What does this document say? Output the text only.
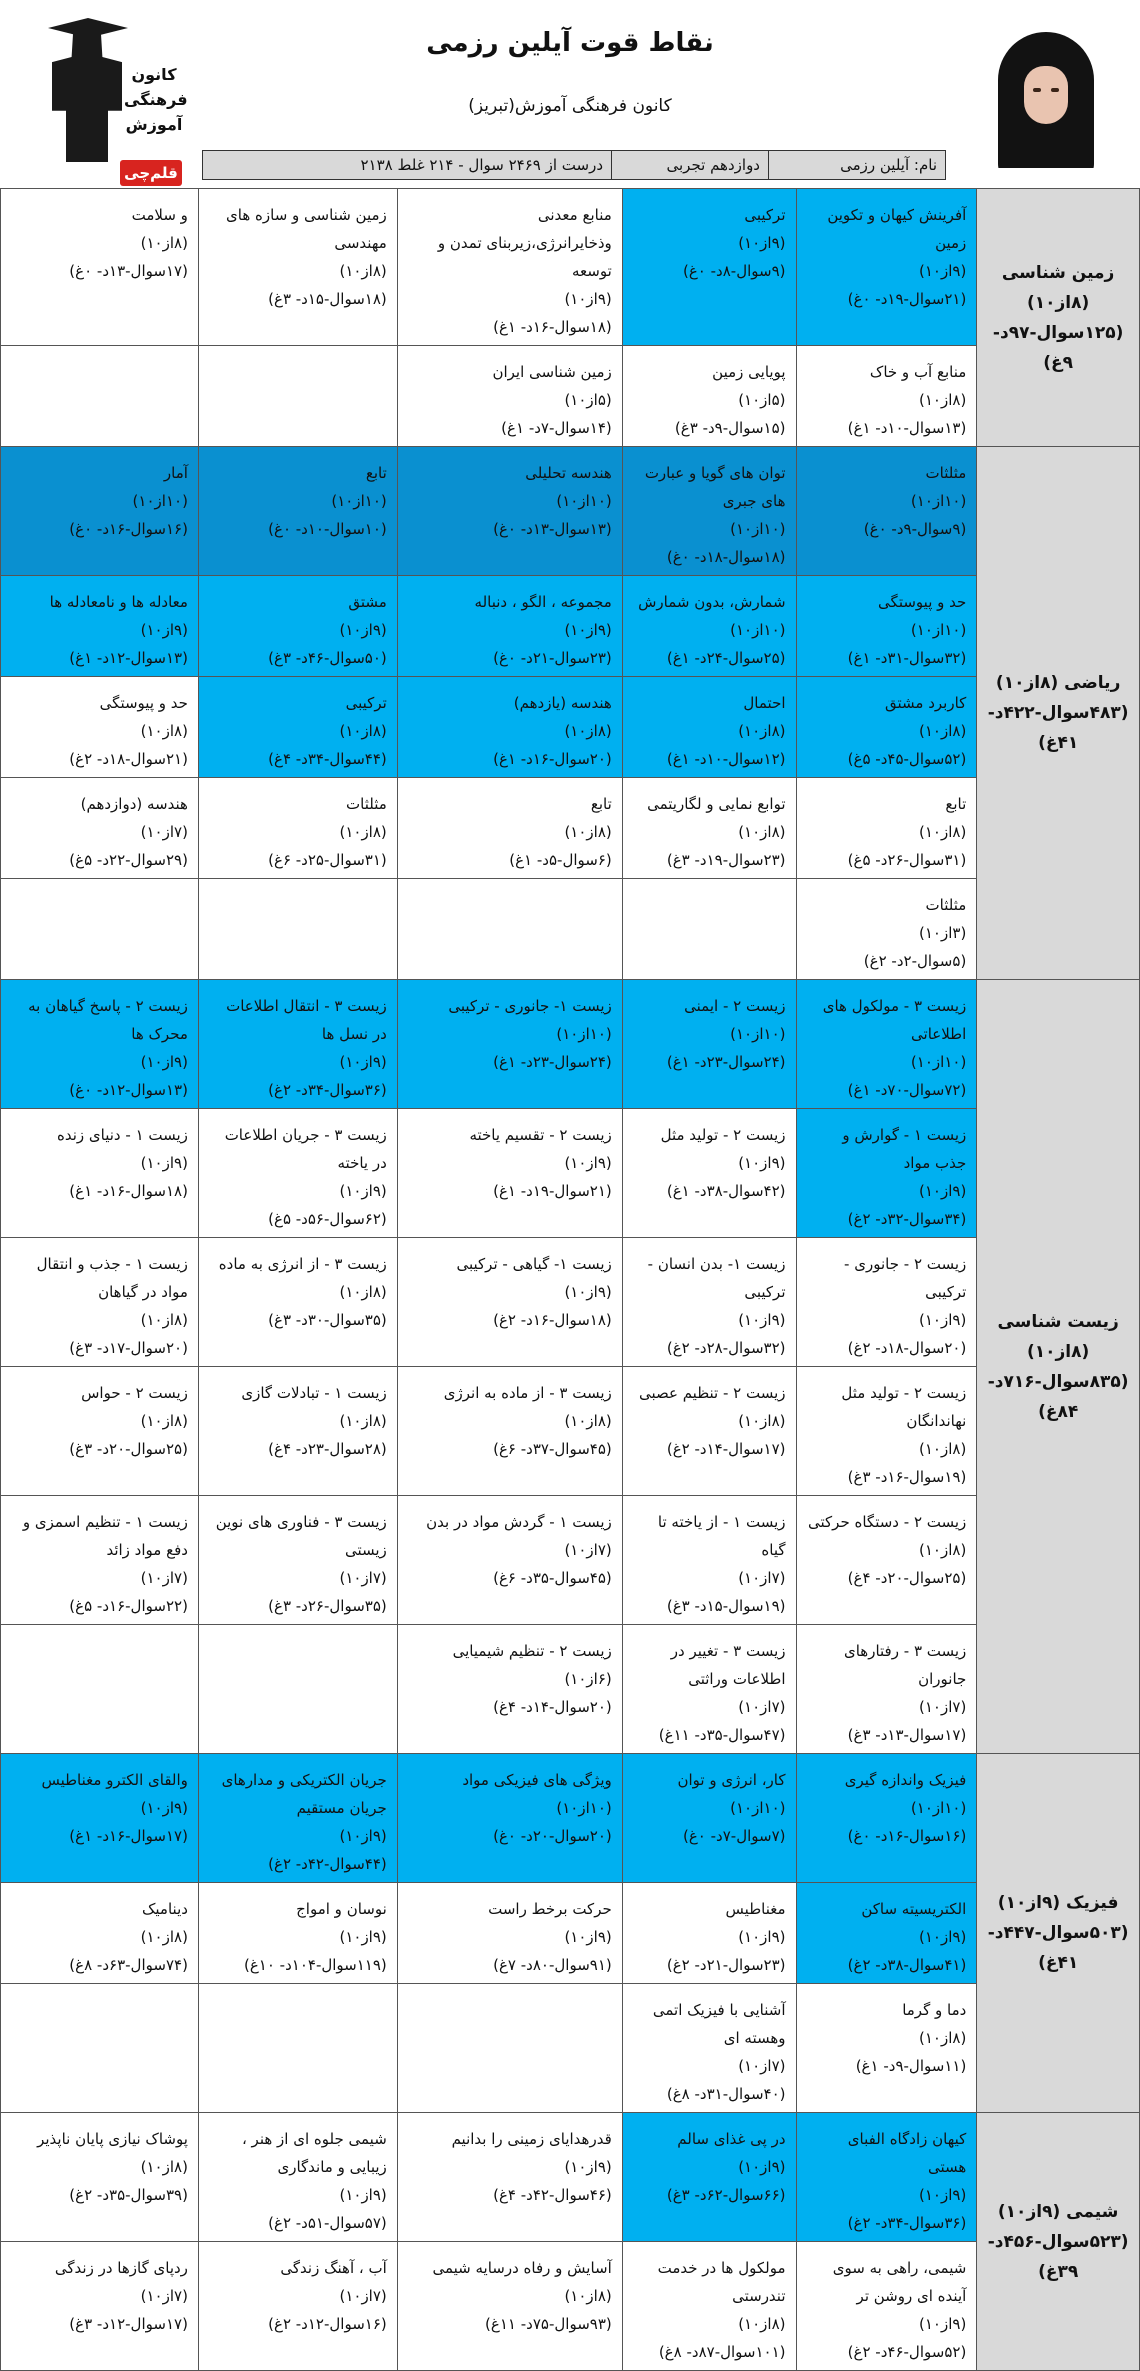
کانون
فرهنگی
آموزش
قلم‌چی
نقاط قوت آیلین رزمی
کانون فرهنگی آموزش(تبریز)
نام: آیلین رزمی
دوازدهم تجربی
۲۱۳۸ درست از ۲۴۶۹ سوال - ۲۱۴ غلط
زمین شناسی (۸از۱۰) (۱۲۵سوال-۹۷د- ۹غ)	آفرینش کیهان و تکوین زمین
(۹از۱۰)
(۲۱سوال-۱۹د- ۰غ)	ترکیبی
(۹از۱۰)
(۹سوال-۸د- ۰غ)	منابع معدنی وذخایرانرژی،زیربنای تمدن و توسعه
(۹از۱۰)
(۱۸سوال-۱۶د- ۱غ)	زمین شناسی و سازه های مهندسی
(۸از۱۰)
(۱۸سوال-۱۵د- ۳غ)	و سلامت
(۸از۱۰)
(۱۷سوال-۱۳د- ۰غ)

	منابع آب و خاک
(۸از۱۰)
(۱۳سوال-۱۰د- ۱غ)	پویایی زمین
(۵از۱۰)
(۱۵سوال-۹د- ۳غ)	زمین شناسی ایران
(۵از۱۰)
(۱۴سوال-۷د- ۱غ)		

ریاضی (۸از۱۰) (۴۸۳سوال-۴۲۲د- ۴۱غ)	مثلثات
(۱۰از۱۰)
(۹سوال-۹د- ۰غ)	توان های گویا و عبارت های جبری
(۱۰از۱۰)
(۱۸سوال-۱۸د- ۰غ)	هندسه تحلیلی
(۱۰از۱۰)
(۱۳سوال-۱۳د- ۰غ)	تابع
(۱۰از۱۰)
(۱۰سوال-۱۰د- ۰غ)	آمار
(۱۰از۱۰)
(۱۶سوال-۱۶د- ۰غ)

	حد و پیوستگی
(۱۰از۱۰)
(۳۲سوال-۳۱د- ۱غ)	شمارش، بدون شمارش
(۱۰از۱۰)
(۲۵سوال-۲۴د- ۱غ)	مجموعه ، الگو ، دنباله
(۹از۱۰)
(۲۳سوال-۲۱د- ۰غ)	مشتق
(۹از۱۰)
(۵۰سوال-۴۶د- ۳غ)	معادله ها و نامعادله ها
(۹از۱۰)
(۱۳سوال-۱۲د- ۱غ)

	کاربرد مشتق
(۸از۱۰)
(۵۲سوال-۴۵د- ۵غ)	احتمال
(۸از۱۰)
(۱۲سوال-۱۰د- ۱غ)	هندسه (یازدهم)
(۸از۱۰)
(۲۰سوال-۱۶د- ۱غ)	ترکیبی
(۸از۱۰)
(۴۴سوال-۳۴د- ۴غ)	حد و پیوستگی
(۸از۱۰)
(۲۱سوال-۱۸د- ۲غ)

	تابع
(۸از۱۰)
(۳۱سوال-۲۶د- ۵غ)	توابع نمایی و لگاریتمی
(۸از۱۰)
(۲۳سوال-۱۹د- ۳غ)	تابع
(۸از۱۰)
(۶سوال-۵د- ۱غ)	مثلثات
(۸از۱۰)
(۳۱سوال-۲۵د- ۶غ)	هندسه (دوازدهم)
(۷از۱۰)
(۲۹سوال-۲۲د- ۵غ)

	مثلثات
(۳از۱۰)
(۵سوال-۲د- ۲غ)				

زیست شناسی (۸از۱۰) (۸۳۵سوال-۷۱۶د- ۸۴غ)	زیست ۳ - مولکول های اطلاعاتی
(۱۰از۱۰)
(۷۲سوال-۷۰د- ۱غ)	زیست ۲ - ایمنی
(۱۰از۱۰)
(۲۴سوال-۲۳د- ۱غ)	زیست ۱- جانوری - ترکیبی
(۱۰از۱۰)
(۲۴سوال-۲۳د- ۱غ)	زیست ۳ - انتقال اطلاعات در نسل ها
(۹از۱۰)
(۳۶سوال-۳۴د- ۲غ)	زیست ۲ - پاسخ گیاهان به محرک ها
(۹از۱۰)
(۱۳سوال-۱۲د- ۰غ)

	زیست ۱ - گوارش و جذب مواد
(۹از۱۰)
(۳۴سوال-۳۲د- ۲غ)	زیست ۲ - تولید مثل
(۹از۱۰)
(۴۲سوال-۳۸د- ۱غ)	زیست ۲ - تقسیم یاخته
(۹از۱۰)
(۲۱سوال-۱۹د- ۱غ)	زیست ۳ - جریان اطلاعات در یاخته
(۹از۱۰)
(۶۲سوال-۵۶د- ۵غ)	زیست ۱ - دنیای زنده
(۹از۱۰)
(۱۸سوال-۱۶د- ۱غ)

	زیست ۲ - جانوری - ترکیبی
(۹از۱۰)
(۲۰سوال-۱۸د- ۲غ)	زیست ۱- بدن انسان - ترکیبی
(۹از۱۰)
(۳۲سوال-۲۸د- ۲غ)	زیست ۱- گیاهی - ترکیبی
(۹از۱۰)
(۱۸سوال-۱۶د- ۲غ)	زیست ۳ - از انرژی به ماده
(۸از۱۰)
(۳۵سوال-۳۰د- ۳غ)	زیست ۱ - جذب و انتقال مواد در گیاهان
(۸از۱۰)
(۲۰سوال-۱۷د- ۳غ)

	زیست ۲ - تولید مثل نهاندانگان
(۸از۱۰)
(۱۹سوال-۱۶د- ۳غ)	زیست ۲ - تنظیم عصبی
(۸از۱۰)
(۱۷سوال-۱۴د- ۲غ)	زیست ۳ - از ماده به انرژی
(۸از۱۰)
(۴۵سوال-۳۷د- ۶غ)	زیست ۱ - تبادلات گازی
(۸از۱۰)
(۲۸سوال-۲۳د- ۴غ)	زیست ۲ - حواس
(۸از۱۰)
(۲۵سوال-۲۰د- ۳غ)

	زیست ۲ - دستگاه حرکتی
(۸از۱۰)
(۲۵سوال-۲۰د- ۴غ)	زیست ۱ - از یاخته تا گیاه
(۷از۱۰)
(۱۹سوال-۱۵د- ۳غ)	زیست ۱ - گردش مواد در بدن
(۷از۱۰)
(۴۵سوال-۳۵د- ۶غ)	زیست ۳ - فناوری های نوین زیستی
(۷از۱۰)
(۳۵سوال-۲۶د- ۳غ)	زیست ۱ - تنظیم اسمزی و دفع مواد زائد
(۷از۱۰)
(۲۲سوال-۱۶د- ۵غ)

	زیست ۳ - رفتارهای جانوران
(۷از۱۰)
(۱۷سوال-۱۳د- ۳غ)	زیست ۳ - تغییر در اطلاعات وراثتی
(۷از۱۰)
(۴۷سوال-۳۵د- ۱۱غ)	زیست ۲ - تنظیم شیمیایی
(۶از۱۰)
(۲۰سوال-۱۴د- ۴غ)		

فیزیک (۹از۱۰) (۵۰۳سوال-۴۴۷د- ۴۱غ)	فیزیک واندازه گیری
(۱۰از۱۰)
(۱۶سوال-۱۶د- ۰غ)	کار، انرژی و توان
(۱۰از۱۰)
(۷سوال-۷د- ۰غ)	ویژگی های فیزیکی مواد
(۱۰از۱۰)
(۲۰سوال-۲۰د- ۰غ)	جریان الکتریکی و مدارهای جریان مستقیم
(۹از۱۰)
(۴۴سوال-۴۲د- ۲غ)	والقای الکترو مغناطیس
(۹از۱۰)
(۱۷سوال-۱۶د- ۱غ)

	الکتریسیته ساکن
(۹از۱۰)
(۴۱سوال-۳۸د- ۲غ)	مغناطیس
(۹از۱۰)
(۲۳سوال-۲۱د- ۲غ)	حرکت برخط راست
(۹از۱۰)
(۹۱سوال-۸۰د- ۷غ)	نوسان و امواج
(۹از۱۰)
(۱۱۹سوال-۱۰۴د- ۱۰غ)	دینامیک
(۸از۱۰)
(۷۴سوال-۶۳د- ۸غ)

	دما و گرما
(۸از۱۰)
(۱۱سوال-۹د- ۱غ)	آشنایی با فیزیک اتمی وهسته ای
(۷از۱۰)
(۴۰سوال-۳۱د- ۸غ)			

شیمی (۹از۱۰) (۵۲۳سوال-۴۵۶د- ۳۹غ)	کیهان زادگاه الفبای هستی
(۹از۱۰)
(۳۶سوال-۳۴د- ۲غ)	در پی غذای سالم
(۹از۱۰)
(۶۶سوال-۶۲د- ۳غ)	قدرهدایای زمینی را بدانیم
(۹از۱۰)
(۴۶سوال-۴۲د- ۴غ)	شیمی جلوه ای از هنر ، زیبایی و ماندگاری
(۹از۱۰)
(۵۷سوال-۵۱د- ۲غ)	پوشاک نیازی پایان ناپذیر
(۸از۱۰)
(۳۹سوال-۳۵د- ۲غ)

	شیمی، راهی به سوی آینده ای روشن تر
(۹از۱۰)
(۵۲سوال-۴۶د- ۲غ)	مولکول ها در خدمت تندرستی
(۸از۱۰)
(۱۰۱سوال-۸۷د- ۸غ)	آسایش و رفاه درسایه شیمی
(۸از۱۰)
(۹۳سوال-۷۵د- ۱۱غ)	آب ، آهنگ زندگی
(۷از۱۰)
(۱۶سوال-۱۲د- ۲غ)	ردپای گازها در زندگی
(۷از۱۰)
(۱۷سوال-۱۲د- ۳غ)
